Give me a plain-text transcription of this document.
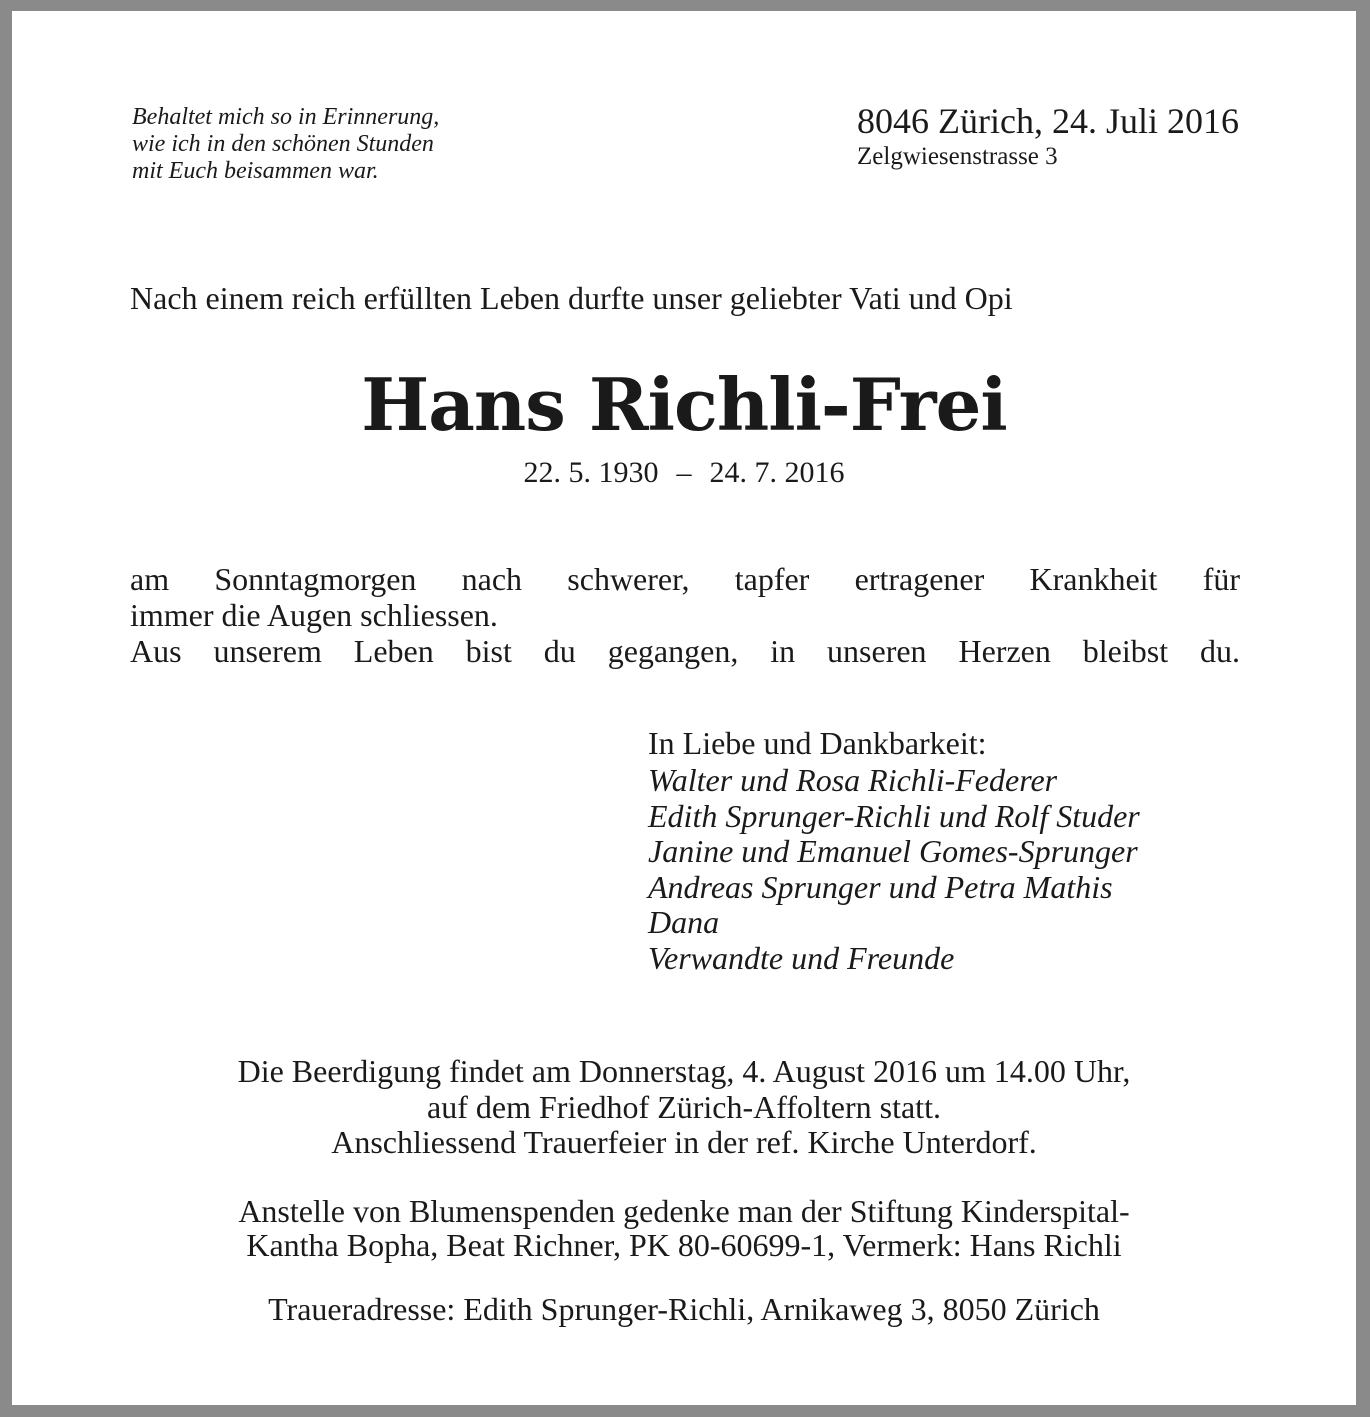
Behaltet mich so in Erinnerung,
wie ich in den schönen Stunden
mit Euch beisammen war.
8046 Zürich, 24. Juli 2016
Zelgwiesenstrasse 3
Nach einem reich erfüllten Leben durfte unser geliebter Vati und Opi
Hans Richli-Frei
22. 5. 1930 – 24. 7. 2016
am Sonntagmorgen nach schwerer, tapfer ertragener Krankheit für
immer die Augen schliessen.
Aus unserem Leben bist du gegangen, in unseren Herzen bleibst du.
In Liebe und Dankbarkeit:
Walter und Rosa Richli-Federer
Edith Sprunger-Richli und Rolf Studer
Janine und Emanuel Gomes-Sprunger
Andreas Sprunger und Petra Mathis
Dana
Verwandte und Freunde
Die Beerdigung findet am Donnerstag, 4. August 2016 um 14.00 Uhr,
auf dem Friedhof Zürich-Affoltern statt.
Anschliessend Trauerfeier in der ref. Kirche Unterdorf.
Anstelle von Blumenspenden gedenke man der Stiftung Kinderspital-
Kantha Bopha, Beat Richner, PK 80-60699-1, Vermerk: Hans Richli
Traueradresse: Edith Sprunger-Richli, Arnikaweg 3, 8050 Zürich
